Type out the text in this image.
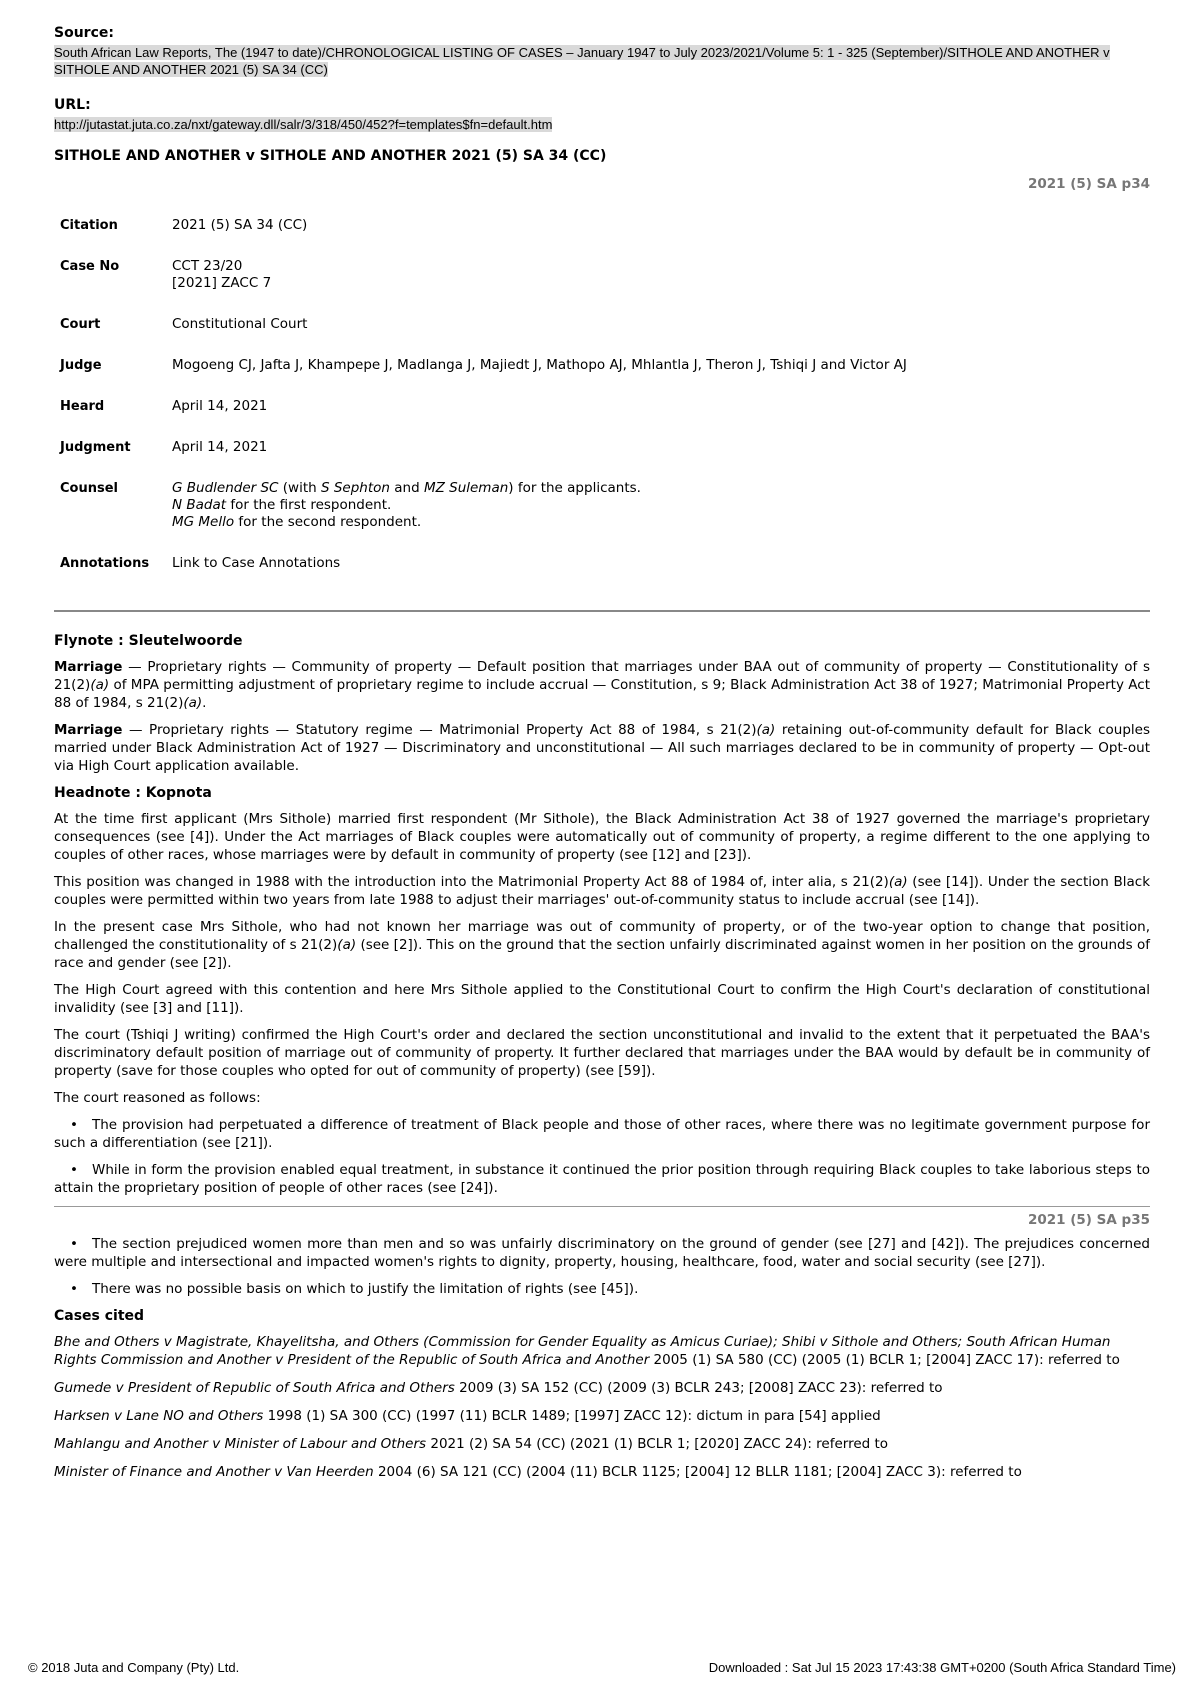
Source:
South African Law Reports, The (1947 to date)/CHRONOLOGICAL LISTING OF CASES – January 1947 to July 2023/2021/Volume 5: 1 - 325 (September)/SITHOLE AND ANOTHER v SITHOLE AND ANOTHER 2021 (5) SA 34 (CC)
URL:
http://jutastat.juta.co.za/nxt/gateway.dll/salr/3/318/450/452?f=templates$fn=default.htm
SITHOLE AND ANOTHER v SITHOLE AND ANOTHER 2021 (5) SA 34 (CC)
2021 (5) SA p34
Citation	2021 (5) SA 34 (CC)
Case No	CCT 23/20
[2021] ZACC 7
Court	Constitutional Court
Judge	Mogoeng CJ, Jafta J, Khampepe J, Madlanga J, Majiedt J, Mathopo AJ, Mhlantla J, Theron J, Tshiqi J and Victor AJ
Heard	April 14, 2021
Judgment	April 14, 2021
Counsel	G Budlender SC (with S Sephton and MZ Suleman) for the applicants.
N Badat for the first respondent.
MG Mello for the second respondent.
Annotations	Link to Case Annotations
Flynote : Sleutelwoorde

Marriage — Proprietary rights — Community of property — Default position that marriages under BAA out of community of property — Constitutionality of s 21(2)(a) of MPA permitting adjustment of proprietary regime to include accrual — Constitution, s 9; Black Administration Act 38 of 1927; Matrimonial Property Act 88 of 1984, s 21(2)(a).

Marriage — Proprietary rights — Statutory regime — Matrimonial Property Act 88 of 1984, s 21(2)(a) retaining out-of-community default for Black couples married under Black Administration Act of 1927 — Discriminatory and unconstitutional — All such marriages declared to be in community of property — Opt-out via High Court application available.

Headnote : Kopnota

At the time first applicant (Mrs Sithole) married first respondent (Mr Sithole), the Black Administration Act 38 of 1927 governed the marriage's proprietary consequences (see [4]). Under the Act marriages of Black couples were automatically out of community of property, a regime different to the one applying to couples of other races, whose marriages were by default in community of property (see [12] and [23]).

This position was changed in 1988 with the introduction into the Matrimonial Property Act 88 of 1984 of, inter alia, s 21(2)(a) (see [14]). Under the section Black couples were permitted within two years from late 1988 to adjust their marriages' out-of-community status to include accrual (see [14]).

In the present case Mrs Sithole, who had not known her marriage was out of community of property, or of the two-year option to change that position, challenged the constitutionality of s 21(2)(a) (see [2]). This on the ground that the section unfairly discriminated against women in her position on the grounds of race and gender (see [2]).

The High Court agreed with this contention and here Mrs Sithole applied to the Constitutional Court to confirm the High Court's declaration of constitutional invalidity (see [3] and [11]).

The court (Tshiqi J writing) confirmed the High Court's order and declared the section unconstitutional and invalid to the extent that it perpetuated the BAA's discriminatory default position of marriage out of community of property. It further declared that marriages under the BAA would by default be in community of property (save for those couples who opted for out of community of property) (see [59]).

The court reasoned as follows:

• The provision had perpetuated a difference of treatment of Black people and those of other races, where there was no legitimate government purpose for such a differentiation (see [21]).

• While in form the provision enabled equal treatment, in substance it continued the prior position through requiring Black couples to take laborious steps to attain the proprietary position of people of other races (see [24]).

2021 (5) SA p35

• The section prejudiced women more than men and so was unfairly discriminatory on the ground of gender (see [27] and [42]). The prejudices concerned were multiple and intersectional and impacted women's rights to dignity, property, housing, healthcare, food, water and social security (see [27]).

• There was no possible basis on which to justify the limitation of rights (see [45]).

Cases cited

Bhe and Others v Magistrate, Khayelitsha, and Others (Commission for Gender Equality as Amicus Curiae); Shibi v Sithole and Others; South African Human Rights Commission and Another v President of the Republic of South Africa and Another 2005 (1) SA 580 (CC) (2005 (1) BCLR 1; [2004] ZACC 17): referred to

Gumede v President of Republic of South Africa and Others 2009 (3) SA 152 (CC) (2009 (3) BCLR 243; [2008] ZACC 23): referred to

Harksen v Lane NO and Others 1998 (1) SA 300 (CC) (1997 (11) BCLR 1489; [1997] ZACC 12): dictum in para [54] applied

Mahlangu and Another v Minister of Labour and Others 2021 (2) SA 54 (CC) (2021 (1) BCLR 1; [2020] ZACC 24): referred to

Minister of Finance and Another v Van Heerden 2004 (6) SA 121 (CC) (2004 (11) BCLR 1125; [2004] 12 BLLR 1181; [2004] ZACC 3): referred to

© 2018 Juta and Company (Pty) Ltd.	Downloaded : Sat Jul 15 2023 17:43:38 GMT+0200 (South Africa Standard Time)
